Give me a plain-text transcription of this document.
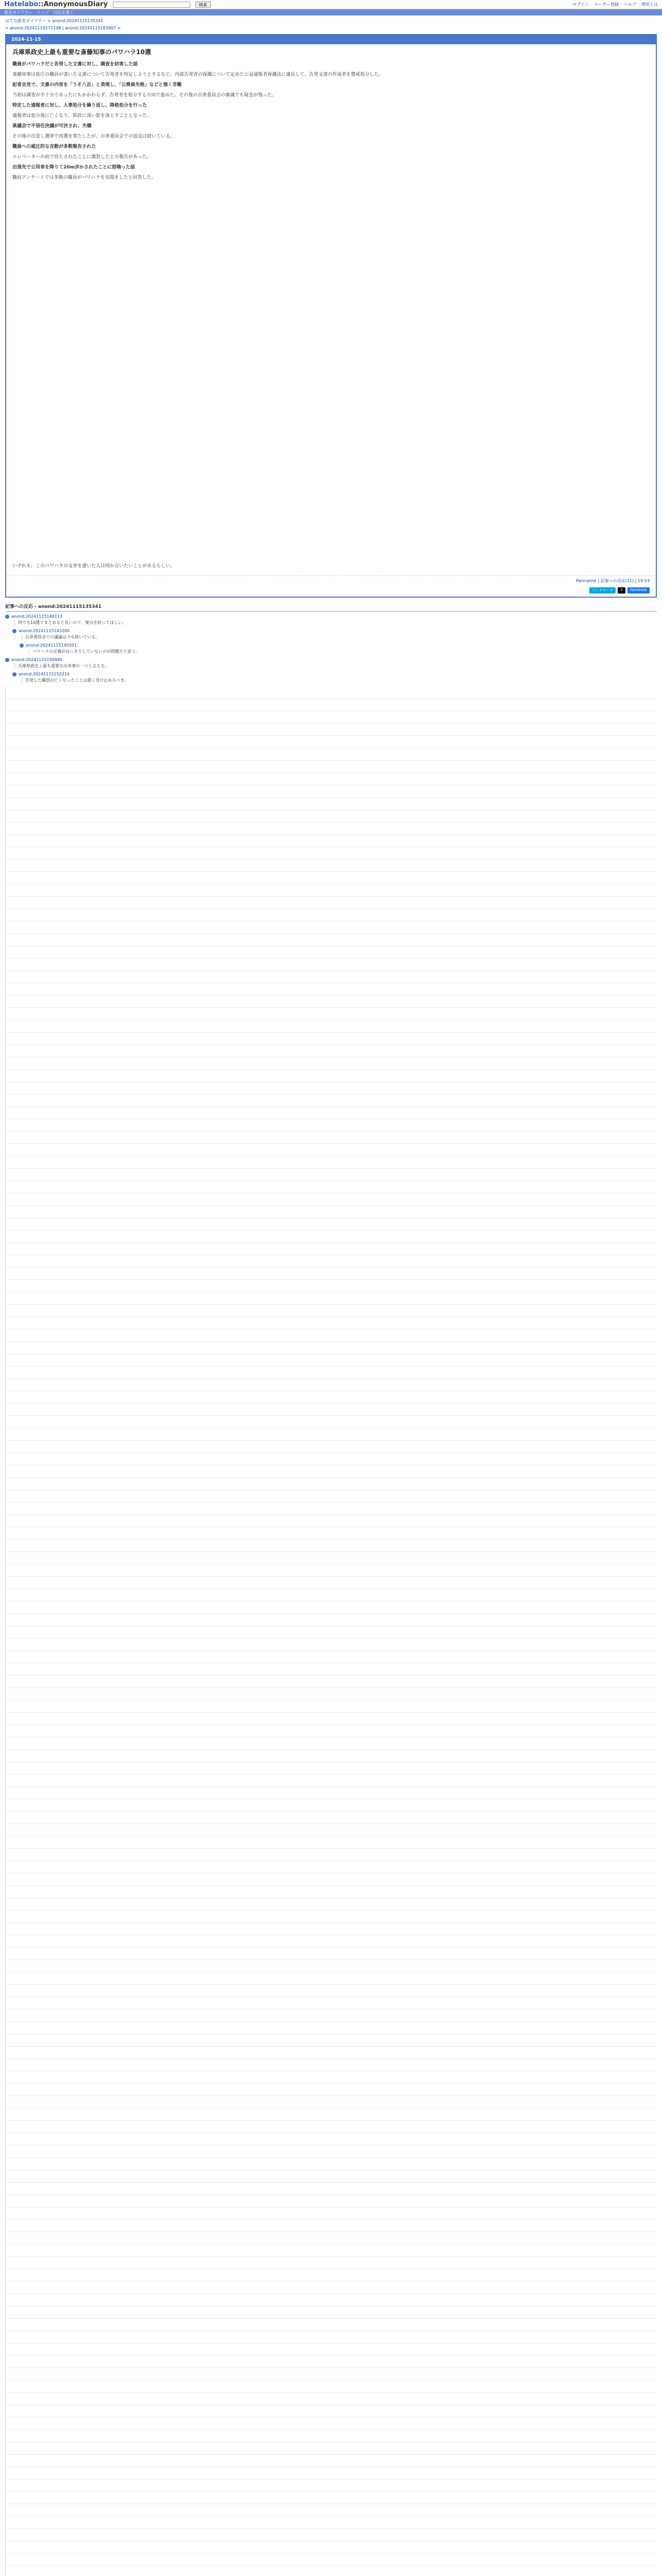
Hatelabo::AnonymousDiary	検索	ログイン ユーザー登録 ヘルプ 増田とは
匿名ダイアリー トップ 日記を書く
はてな匿名ダイアリー > anond:20241115135341
< anond:20241115172108 | anond:20241115183907 >
2024-11-15
兵庫県政史上最も重要な斎藤知事のパワハラ10選

職員がパワハラだと告発した文書に対し、調査を妨害した話

斎藤知事は県庁の職員が書いた文書について告発者を特定しようとするなど、内部告発者の保護について定めた公益通報者保護法に違反して、告発文書の作成者を懲戒処分した。

記者会見で、文書の内容を「うそ八百」と表現し、「公務員失格」などと強く非難

当初は調査が不十分であったにもかかわらず、告発者を処分する方向で進めた。その後の百条委員会の審議でも疑念が残った。

特定した通報者に対し、人事処分を繰り返し、降格処分を行った

通報者は処分後に亡くなり、県政に深い影を落とすこととなった。

県議会で不信任決議が可決され、失職

その後の出直し選挙で再選を果たしたが、百条委員会での追及は続いている。

職員への威圧的な言動が多数報告された

エレベーターの前で待たされたことに激怒したとの報告があった。

出張先で公用車を降りて20m歩かされたことに怒鳴った話

職員アンケートでは多数の職員がパワハラを見聞きしたと回答した。

いずれも、このパワハラの文章を書いた人は何か言いたいことがあるらしい。

Permalink | 記事への反応(11) | 19:53
ブックマーク	X	Facebook
記事への反応 - anond:20241115135341
anond:20241115140113
何でも10選でまとめると長いので、要点を絞ってほしい。
anond:20241115143200
百条委員会での議論は今も続いている。
anond:20241115145501
パワハラの定義がはっきりしていないのが問題だと思う。
anond:20241115150940
兵庫県政史上最も重要な出来事の一つと言える。
anond:20241115152210
告発した職員が亡くなったことは重く受け止めるべき。
